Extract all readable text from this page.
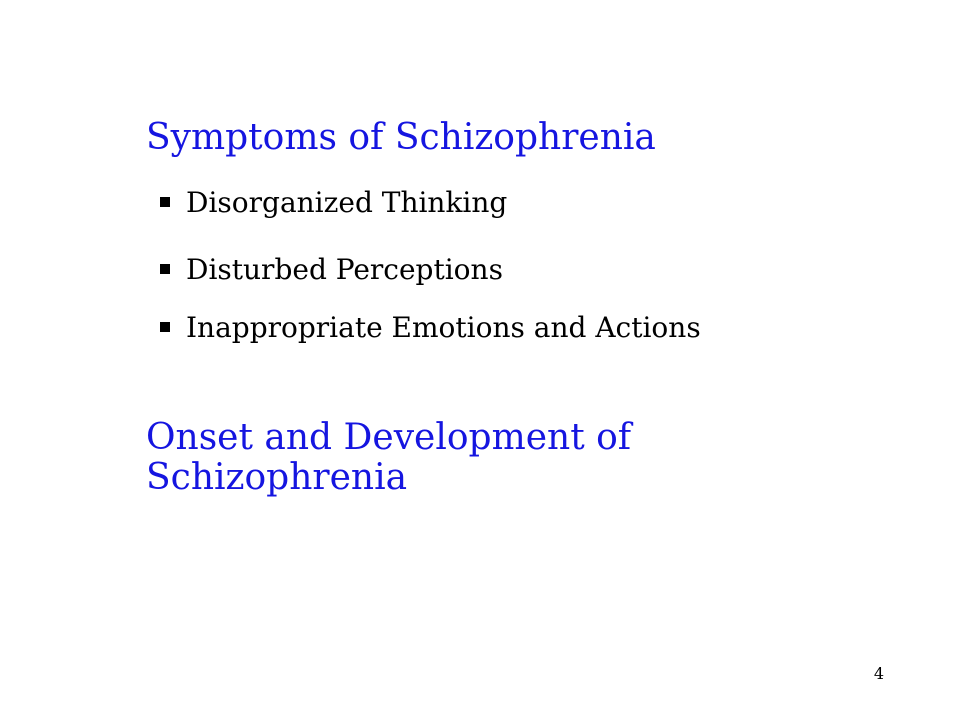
Symptoms of Schizophrenia
Disorganized Thinking
Disturbed Perceptions
Inappropriate Emotions and Actions
Onset and Development of Schizophrenia
4
